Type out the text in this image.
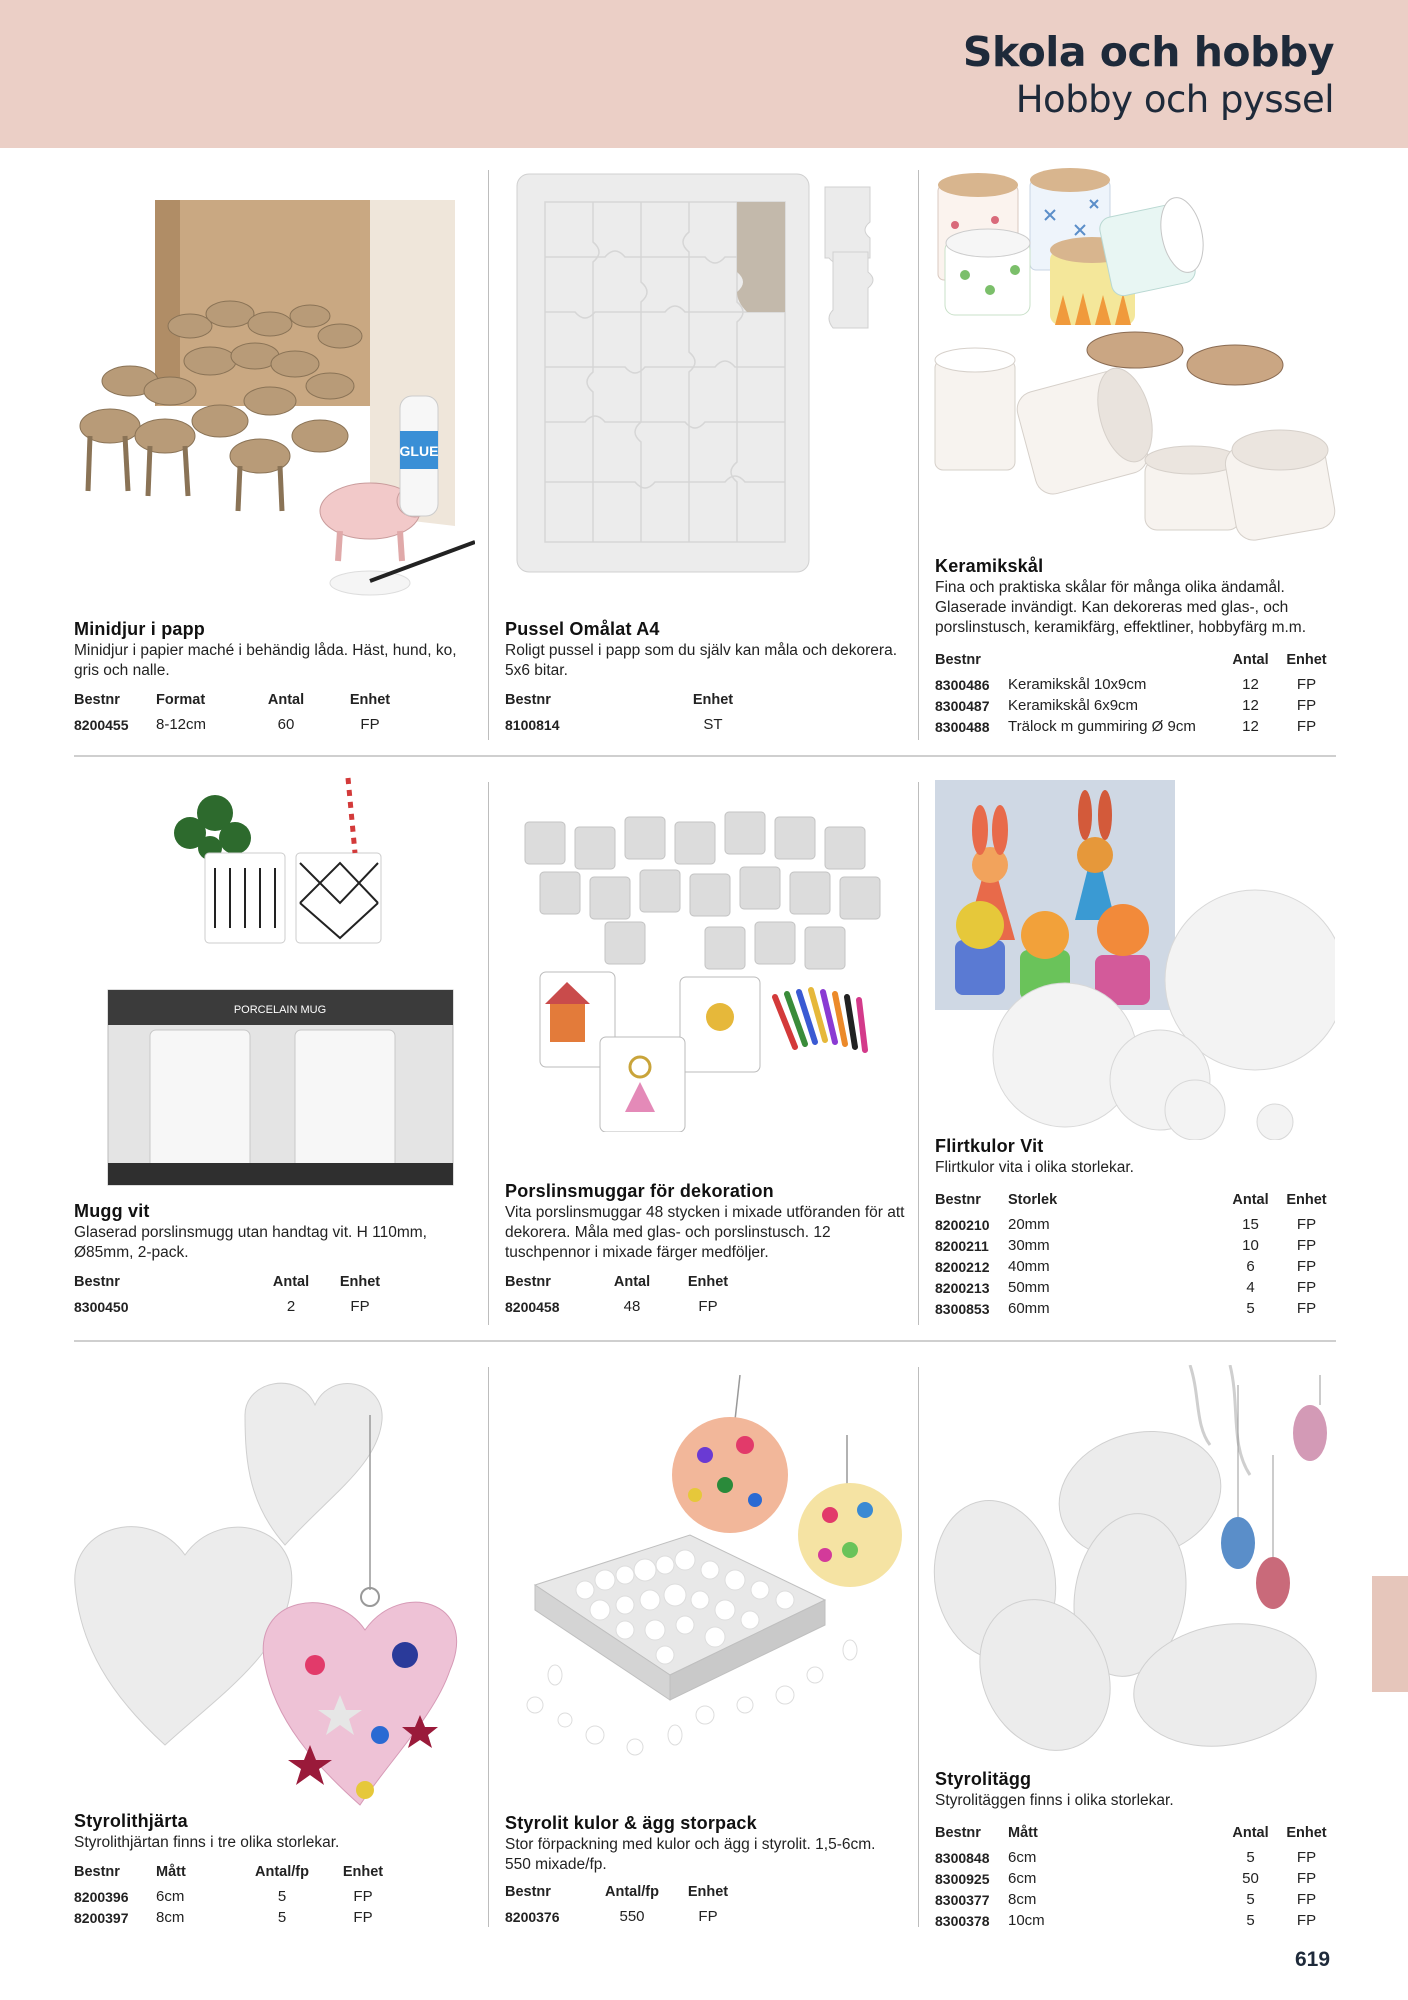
Skola och hobby
Hobby och pyssel
GLUE
Minidjur i papp
Minidjur i papier maché i behändig låda. Häst, hund, ko, gris och nalle.
Bestnr	Format	Antal	Enhet
8200455	8-12cm	60	FP
Pussel Omålat A4
Roligt pussel i papp som du själv kan måla och dekorera. 5x6 bitar.
Bestnr	Enhet
8100814	ST
Keramikskål
Fina och praktiska skålar för många olika ändamål. Glaserade invändigt. Kan dekoreras med glas-, och porslinstusch, keramikfärg, effektliner, hobbyfärg m.m.
Bestnr		Antal	Enhet
8300486	Keramikskål 10x9cm	12	FP
8300487	Keramikskål 6x9cm	12	FP
8300488	Trälock m gummiring Ø 9cm	12	FP
PORCELAIN MUG
Mugg vit
Glaserad porslinsmugg utan handtag vit. H 110mm, Ø85mm, 2-pack.
Bestnr	Antal	Enhet
8300450	2	FP
Porslinsmuggar för dekoration
Vita porslinsmuggar 48 stycken i mixade utföranden för att dekorera. Måla med glas- och porslinstusch. 12 tuschpennor i mixade färger medföljer.
Bestnr	Antal	Enhet
8200458	48	FP
Flirtkulor Vit
Flirtkulor vita i olika storlekar.
Bestnr	Storlek	Antal	Enhet
8200210	20mm	15	FP
8200211	30mm	10	FP
8200212	40mm	6	FP
8200213	50mm	4	FP
8300853	60mm	5	FP
Styrolithjärta
Styrolithjärtan finns i tre olika storlekar.
Bestnr	Mått	Antal/fp	Enhet
8200396	6cm	5	FP
8200397	8cm	5	FP
Styrolit kulor & ägg storpack
Stor förpackning med kulor och ägg i styrolit. 1,5-6cm. 550 mixade/fp.
Bestnr	Antal/fp	Enhet
8200376	550	FP
Styrolitägg
Styrolitäggen finns i olika storlekar.
Bestnr	Mått	Antal	Enhet
8300848	6cm	5	FP
8300925	6cm	50	FP
8300377	8cm	5	FP
8300378	10cm	5	FP
619
